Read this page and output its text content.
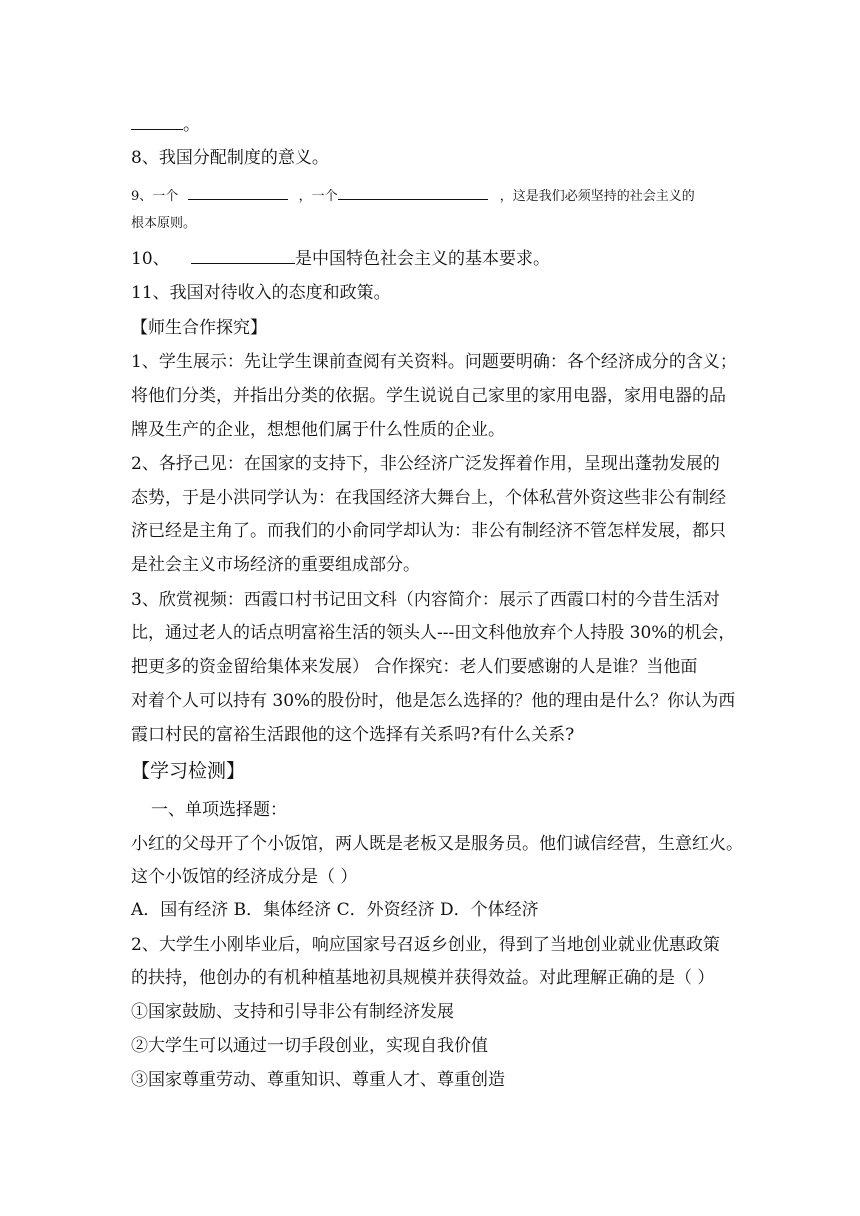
。
8、我国分配制度的意义。
9、一个	，一个	，这是我们必须坚持的社会主义的
根本原则。
10、	是中国特色社会主义的基本要求。
11、我国对待收入的态度和政策。
【师生合作探究】
1、学生展示：先让学生课前查阅有关资料。问题要明确：各个经济成分的含义；
将他们分类，并指出分类的依据。学生说说自己家里的家用电器，家用电器的品
牌及生产的企业，想想他们属于什么性质的企业。
2、各抒己见：在国家的支持下，非公经济广泛发挥着作用，呈现出蓬勃发展的
态势，于是小洪同学认为：在我国经济大舞台上，个体私营外资这些非公有制经
济已经是主角了。而我们的小俞同学却认为：非公有制经济不管怎样发展，都只
是社会主义市场经济的重要组成部分。
3、欣赏视频：西霞口村书记田文科（内容简介：展示了西霞口村的今昔生活对
比，通过老人的话点明富裕生活的领头人---田文科他放弃个人持股 30%的机会，
把更多的资金留给集体来发展） 合作探究：老人们要感谢的人是谁？当他面
对着个人可以持有 30%的股份时，他是怎么选择的？他的理由是什么？你认为西
霞口村民的富裕生活跟他的这个选择有关系吗?有什么关系?
【学习检测】
一、单项选择题：
小红的父母开了个小饭馆，两人既是老板又是服务员。他们诚信经营，生意红火。
这个小饭馆的经济成分是（ ）
A．国有经济 B．集体经济 C．外资经济 D．个体经济
2、大学生小刚毕业后，响应国家号召返乡创业，得到了当地创业就业优惠政策
的扶持，他创办的有机种植基地初具规模并获得效益。对此理解正确的是（ ）
①国家鼓励、支持和引导非公有制经济发展
②大学生可以通过一切手段创业，实现自我价值
③国家尊重劳动、尊重知识、尊重人才、尊重创造
